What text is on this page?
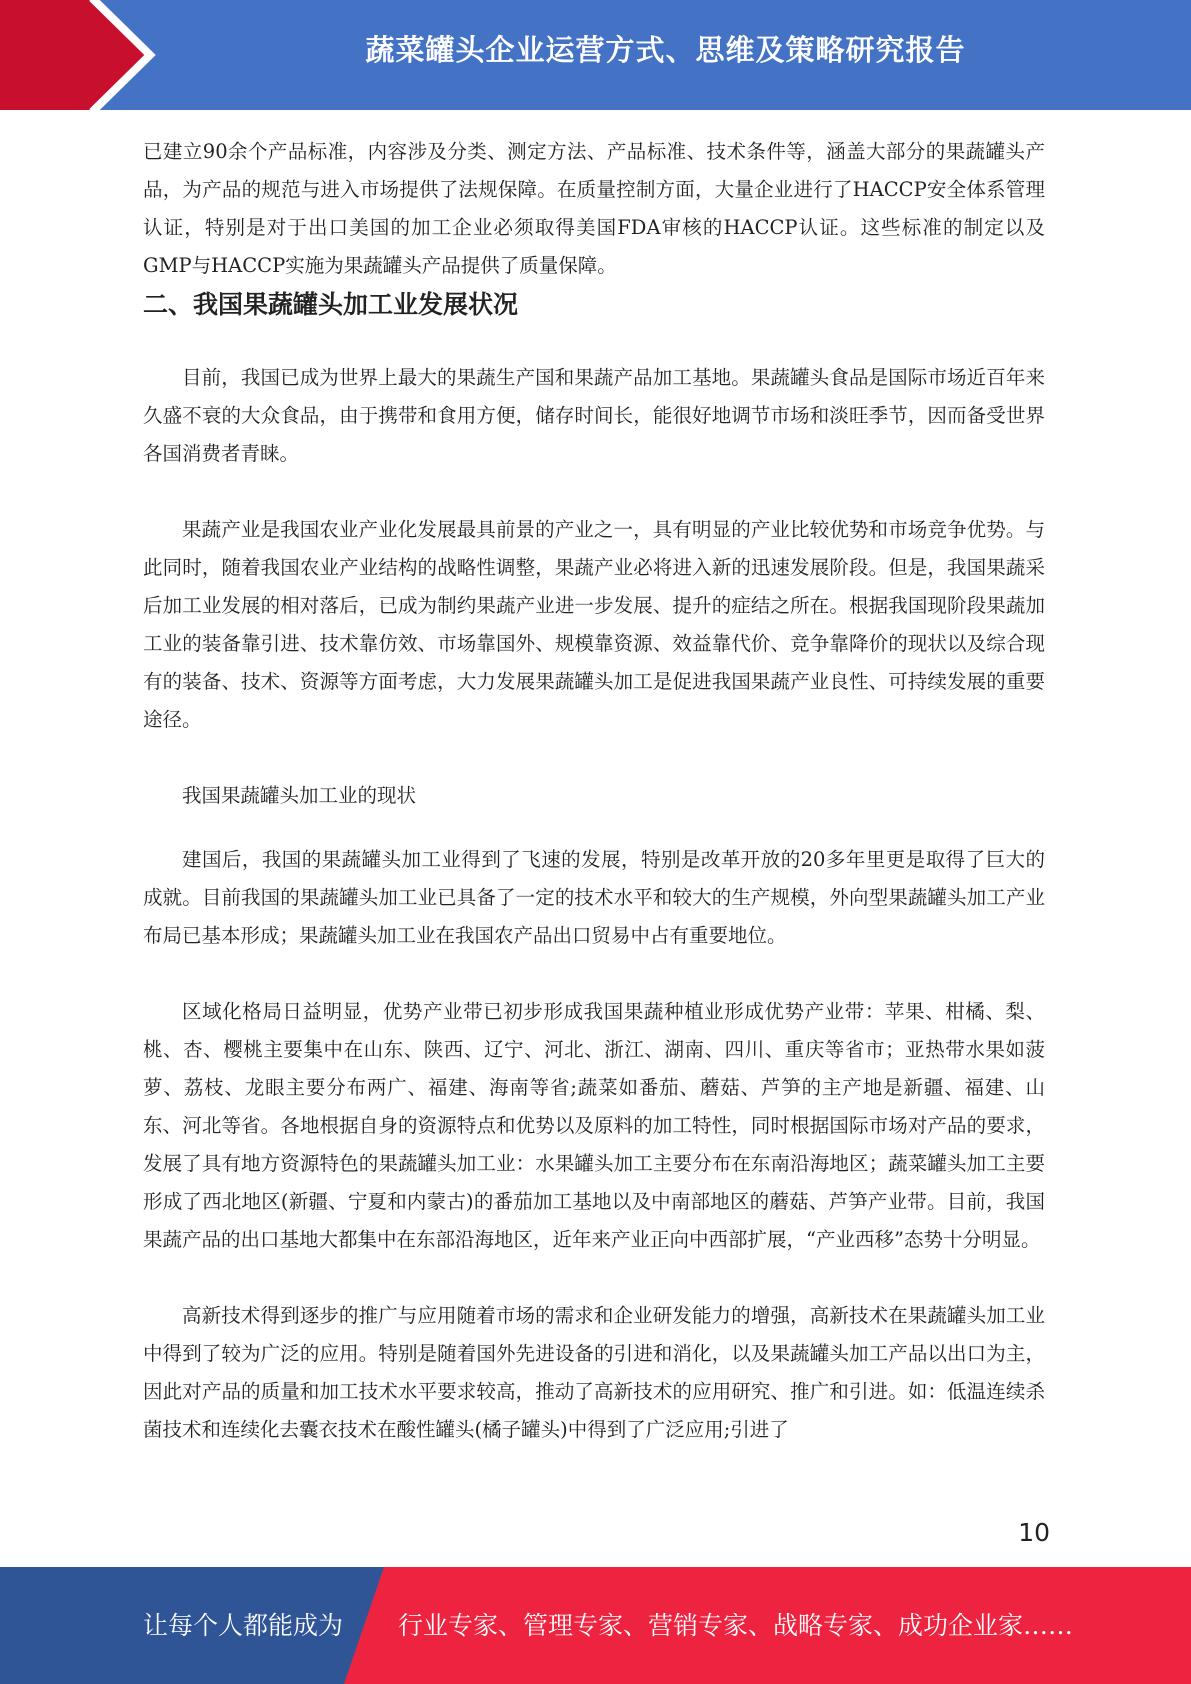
蔬菜罐头企业运营方式、思维及策略研究报告

已建立90余个产品标准，内容涉及分类、测定方法、产品标准、技术条件等，涵盖大部分的果蔬罐头产品，为产品的规范与进入市场提供了法规保障。在质量控制方面，大量企业进行了HACCP安全体系管理认证，特别是对于出口美国的加工企业必须取得美国FDA审核的HACCP认证。这些标准的制定以及GMP与HACCP实施为果蔬罐头产品提供了质量保障。

二、我国果蔬罐头加工业发展状况

目前，我国已成为世界上最大的果蔬生产国和果蔬产品加工基地。果蔬罐头食品是国际市场近百年来久盛不衰的大众食品，由于携带和食用方便，储存时间长，能很好地调节市场和淡旺季节，因而备受世界各国消费者青睐。

果蔬产业是我国农业产业化发展最具前景的产业之一，具有明显的产业比较优势和市场竞争优势。与此同时，随着我国农业产业结构的战略性调整，果蔬产业必将进入新的迅速发展阶段。但是，我国果蔬采后加工业发展的相对落后，已成为制约果蔬产业进一步发展、提升的症结之所在。根据我国现阶段果蔬加工业的装备靠引进、技术靠仿效、市场靠国外、规模靠资源、效益靠代价、竞争靠降价的现状以及综合现有的装备、技术、资源等方面考虑，大力发展果蔬罐头加工是促进我国果蔬产业良性、可持续发展的重要途径。

我国果蔬罐头加工业的现状

建国后，我国的果蔬罐头加工业得到了飞速的发展，特别是改革开放的20多年里更是取得了巨大的成就。目前我国的果蔬罐头加工业已具备了一定的技术水平和较大的生产规模，外向型果蔬罐头加工产业布局已基本形成；果蔬罐头加工业在我国农产品出口贸易中占有重要地位。

区域化格局日益明显，优势产业带已初步形成我国果蔬种植业形成优势产业带：苹果、柑橘、梨、桃、杏、樱桃主要集中在山东、陕西、辽宁、河北、浙江、湖南、四川、重庆等省市；亚热带水果如菠萝、荔枝、龙眼主要分布两广、福建、海南等省;蔬菜如番茄、蘑菇、芦笋的主产地是新疆、福建、山东、河北等省。各地根据自身的资源特点和优势以及原料的加工特性，同时根据国际市场对产品的要求，发展了具有地方资源特色的果蔬罐头加工业：水果罐头加工主要分布在东南沿海地区；蔬菜罐头加工主要形成了西北地区(新疆、宁夏和内蒙古)的番茄加工基地以及中南部地区的蘑菇、芦笋产业带。目前，我国果蔬产品的出口基地大都集中在东部沿海地区，近年来产业正向中西部扩展，“产业西移”态势十分明显。

高新技术得到逐步的推广与应用随着市场的需求和企业研发能力的增强，高新技术在果蔬罐头加工业中得到了较为广泛的应用。特别是随着国外先进设备的引进和消化，以及果蔬罐头加工产品以出口为主，因此对产品的质量和加工技术水平要求较高，推动了高新技术的应用研究、推广和引进。如：低温连续杀菌技术和连续化去囊衣技术在酸性罐头(橘子罐头)中得到了广泛应用;引进了

10
让每个人都能成为 行业专家、管理专家、营销专家、战略专家、成功企业家……
